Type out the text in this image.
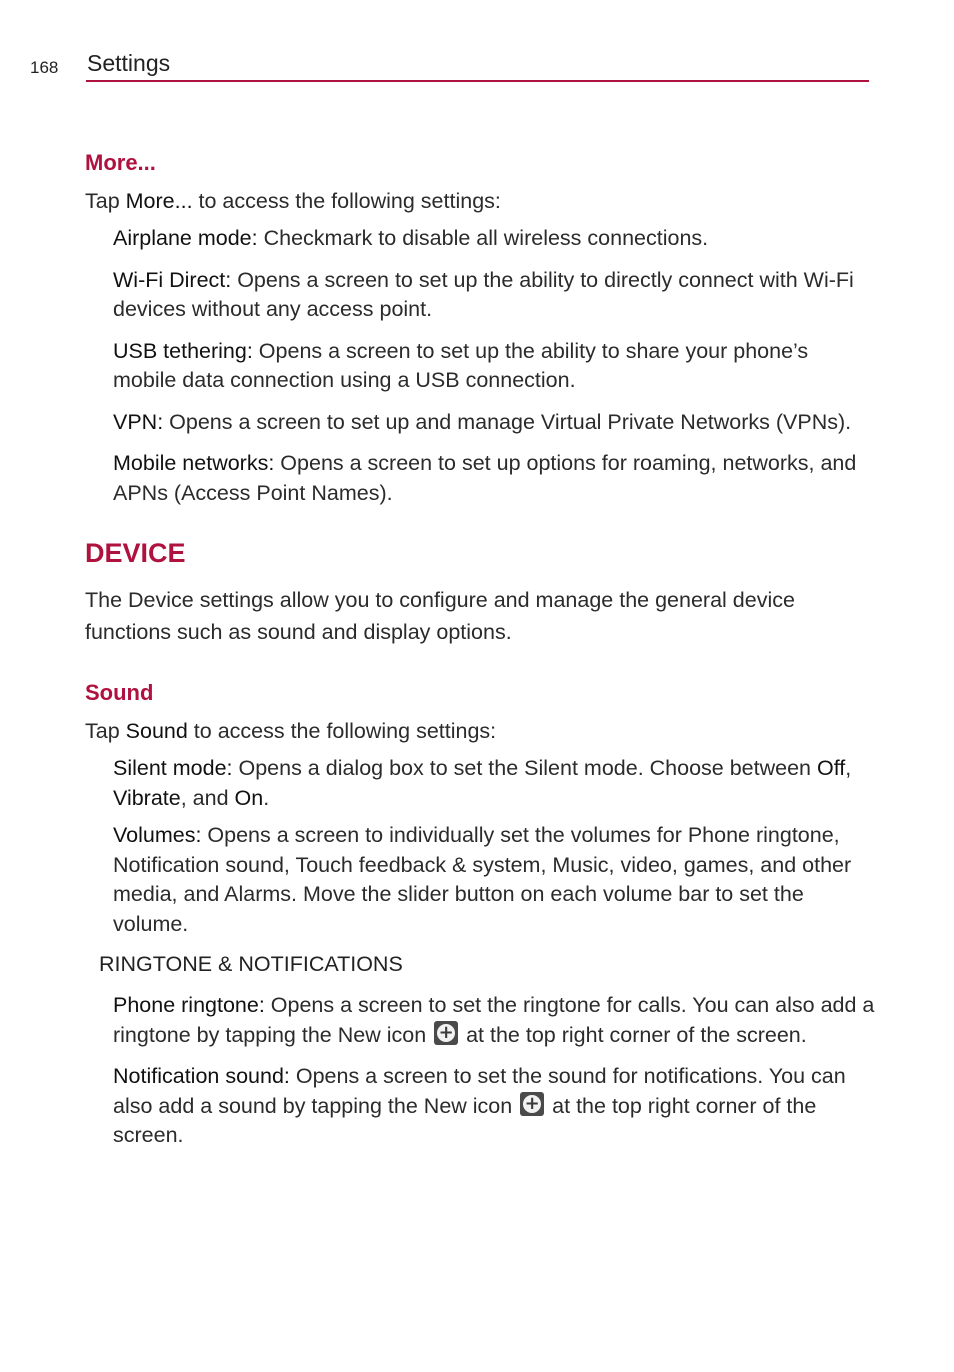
168 Settings
More...

Tap More... to access the following settings:

Airplane mode: Checkmark to disable all wireless connections.

Wi-Fi Direct: Opens a screen to set up the ability to directly connect with Wi-Fi devices without any access point.

USB tethering: Opens a screen to set up the ability to share your phone’s mobile data connection using a USB connection.

VPN: Opens a screen to set up and manage Virtual Private Networks (VPNs).

Mobile networks: Opens a screen to set up options for roaming, networks, and APNs (Access Point Names).

DEVICE

The Device settings allow you to configure and manage the general device functions such as sound and display options.

Sound

Tap Sound to access the following settings:

Silent mode: Opens a dialog box to set the Silent mode. Choose between Off, Vibrate, and On.

Volumes: Opens a screen to individually set the volumes for Phone ringtone, Notification sound, Touch feedback & system, Music, video, games, and other media, and Alarms. Move the slider button on each volume bar to set the volume.

RINGTONE & NOTIFICATIONS

Phone ringtone: Opens a screen to set the ringtone for calls. You can also add a ringtone by tapping the New icon + at the top right corner of the screen.

Notification sound: Opens a screen to set the sound for notifications. You can also add a sound by tapping the New icon + at the top right corner of the screen.
